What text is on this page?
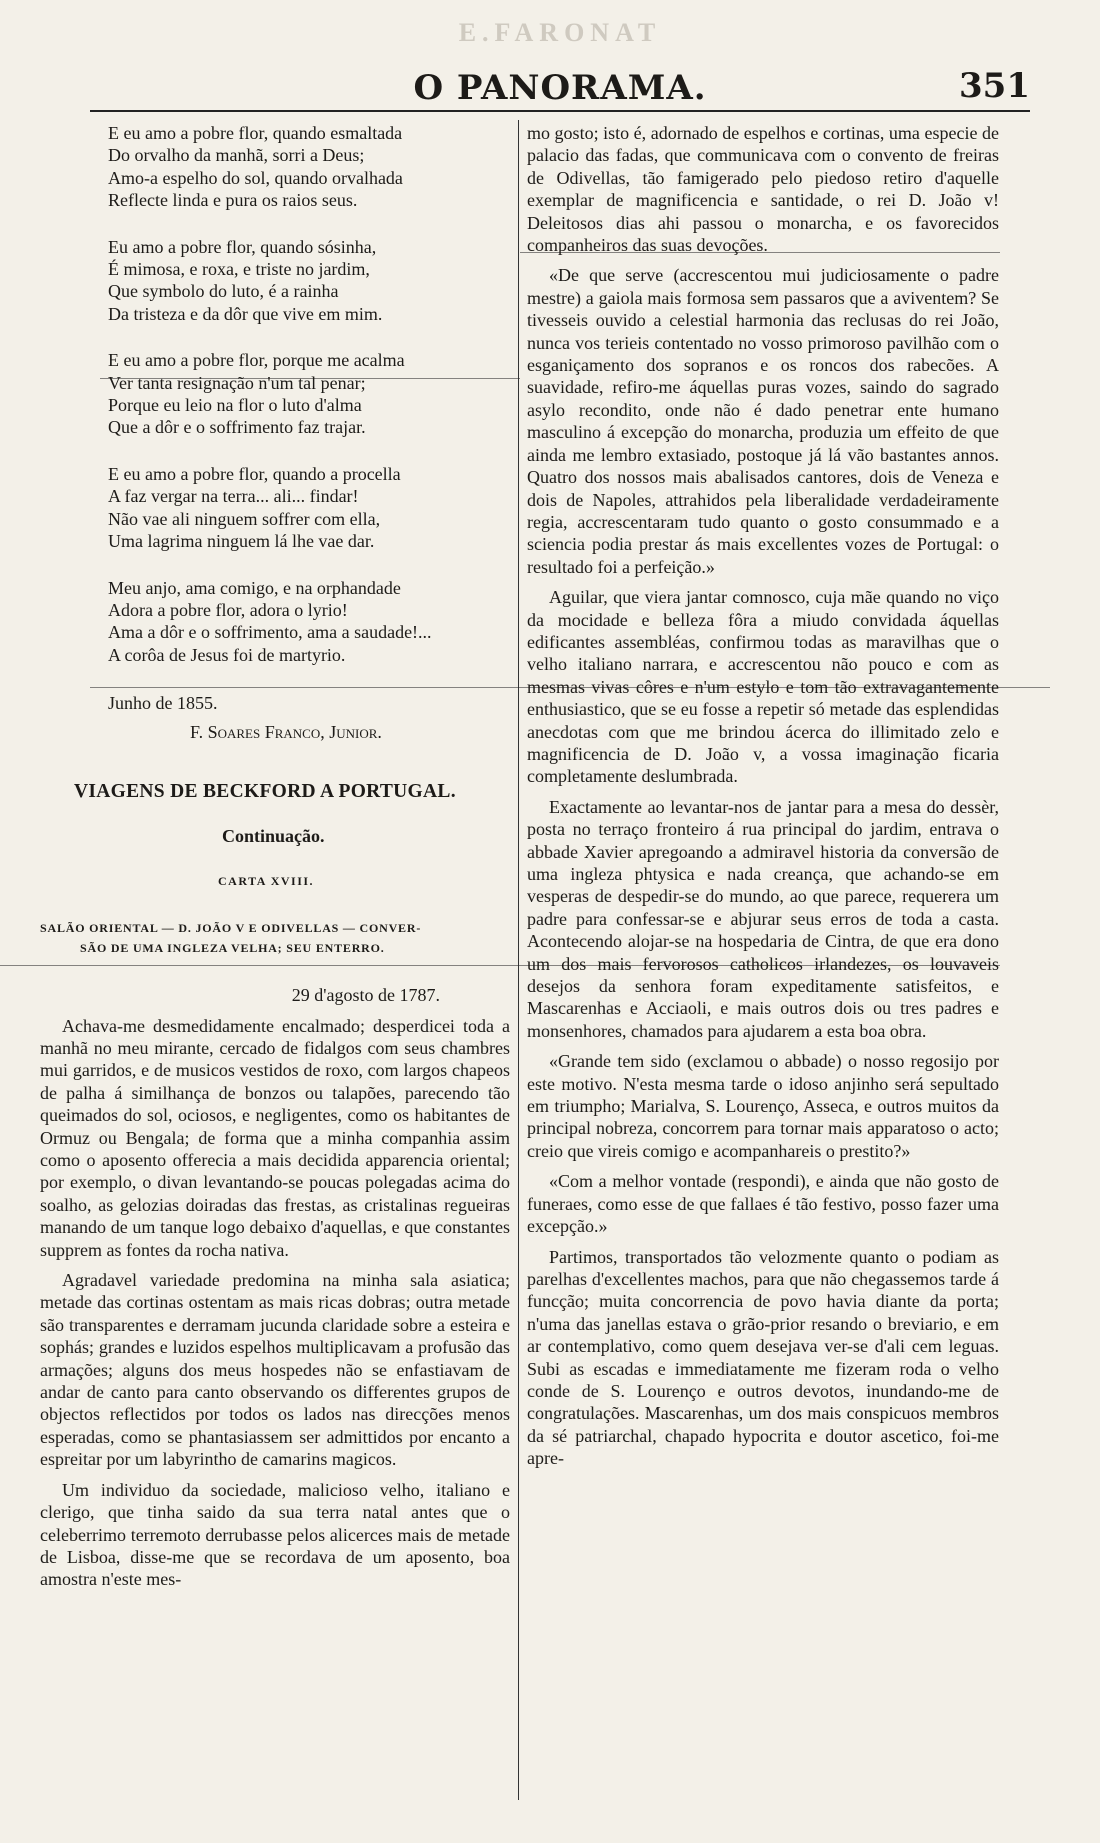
E.FARONAT
O PANORAMA.	351
E eu amo a pobre flor, quando esmaltada
Do orvalho da manhã, sorri a Deus;
Amo-a espelho do sol, quando orvalhada
Reflecte linda e pura os raios seus.
Eu amo a pobre flor, quando sósinha,
É mimosa, e roxa, e triste no jardim,
Que symbolo do luto, é a rainha
Da tristeza e da dôr que vive em mim.
E eu amo a pobre flor, porque me acalma
Ver tanta resignação n'um tal penar;
Porque eu leio na flor o luto d'alma
Que a dôr e o soffrimento faz trajar.
E eu amo a pobre flor, quando a procella
A faz vergar na terra... ali... findar!
Não vae ali ninguem soffrer com ella,
Uma lagrima ninguem lá lhe vae dar.
Meu anjo, ama comigo, e na orphandade
Adora a pobre flor, adora o lyrio!
Ama a dôr e o soffrimento, ama a saudade!...
A corôa de Jesus foi de martyrio.
Junho de 1855.
F. Soares Franco, Junior.
VIAGENS DE BECKFORD A PORTUGAL.
Continuação.
CARTA XVIII.
SALÃO ORIENTAL — D. JOÃO V E ODIVELLAS — CONVER-
SÃO DE UMA INGLEZA VELHA; SEU ENTERRO.
29 d'agosto de 1787.

Achava-me desmedidamente encalmado; desperdicei toda a manhã no meu mirante, cercado de fidalgos com seus chambres mui garridos, e de musicos vestidos de roxo, com largos chapeos de palha á similhança de bonzos ou talapões, parecendo tão queimados do sol, ociosos, e negligentes, como os habitantes de Ormuz ou Bengala; de forma que a minha companhia assim como o aposento offerecia a mais decidida apparencia oriental; por exemplo, o divan levantando-se poucas polegadas acima do soalho, as gelozias doiradas das frestas, as cristalinas regueiras manando de um tanque logo debaixo d'aquellas, e que constantes supprem as fontes da rocha nativa.

Agradavel variedade predomina na minha sala asiatica; metade das cortinas ostentam as mais ricas dobras; outra metade são transparentes e derramam jucunda claridade sobre a esteira e sophás; grandes e luzidos espelhos multiplicavam a profusão das armações; alguns dos meus hospedes não se enfastiavam de andar de canto para canto observando os differentes grupos de objectos reflectidos por todos os lados nas direcções menos esperadas, como se phantasiassem ser admittidos por encanto a espreitar por um labyrintho de camarins magicos.

Um individuo da sociedade, malicioso velho, italiano e clerigo, que tinha saido da sua terra natal antes que o celeberrimo terremoto derrubasse pelos alicerces mais de metade de Lisboa, disse-me que se recordava de um aposento, boa amostra n'este mes-

mo gosto; isto é, adornado de espelhos e cortinas, uma especie de palacio das fadas, que communicava com o convento de freiras de Odivellas, tão famigerado pelo piedoso retiro d'aquelle exemplar de magnificencia e santidade, o rei D. João v! Deleitosos dias ahi passou o monarcha, e os favorecidos companheiros das suas devoções.

«De que serve (accrescentou mui judiciosamente o padre mestre) a gaiola mais formosa sem passaros que a aviventem? Se tivesseis ouvido a celestial harmonia das reclusas do rei João, nunca vos terieis contentado no vosso primoroso pavilhão com o esganiçamento dos sopranos e os roncos dos rabecões. A suavidade, refiro-me áquellas puras vozes, saindo do sagrado asylo recondito, onde não é dado penetrar ente humano masculino á excepção do monarcha, produzia um effeito de que ainda me lembro extasiado, postoque já lá vão bastantes annos. Quatro dos nossos mais abalisados cantores, dois de Veneza e dois de Napoles, attrahidos pela liberalidade verdadeiramente regia, accrescentaram tudo quanto o gosto consummado e a sciencia podia prestar ás mais excellentes vozes de Portugal: o resultado foi a perfeição.»

Aguilar, que viera jantar comnosco, cuja mãe quando no viço da mocidade e belleza fôra a miudo convidada áquellas edificantes assembléas, confirmou todas as maravilhas que o velho italiano narrara, e accrescentou não pouco e com as mesmas vivas côres e n'um estylo e tom tão extravagantemente enthusiastico, que se eu fosse a repetir só metade das esplendidas anecdotas com que me brindou ácerca do illimitado zelo e magnificencia de D. João v, a vossa imaginação ficaria completamente deslumbrada.

Exactamente ao levantar-nos de jantar para a mesa do dessèr, posta no terraço fronteiro á rua principal do jardim, entrava o abbade Xavier apregoando a admiravel historia da conversão de uma ingleza phtysica e nada creança, que achando-se em vesperas de despedir-se do mundo, ao que parece, requerera um padre para confessar-se e abjurar seus erros de toda a casta. Acontecendo alojar-se na hospedaria de Cintra, de que era dono um dos mais fervorosos catholicos irlandezes, os louvaveis desejos da senhora foram expeditamente satisfeitos, e Mascarenhas e Acciaoli, e mais outros dois ou tres padres e monsenhores, chamados para ajudarem a esta boa obra.

«Grande tem sido (exclamou o abbade) o nosso regosijo por este motivo. N'esta mesma tarde o idoso anjinho será sepultado em triumpho; Marialva, S. Lourenço, Asseca, e outros muitos da principal nobreza, concorrem para tornar mais apparatoso o acto; creio que vireis comigo e acompanhareis o prestito?»

«Com a melhor vontade (respondi), e ainda que não gosto de funeraes, como esse de que fallaes é tão festivo, posso fazer uma excepção.»

Partimos, transportados tão velozmente quanto o podiam as parelhas d'excellentes machos, para que não chegassemos tarde á funcção; muita concorrencia de povo havia diante da porta; n'uma das janellas estava o grão-prior resando o breviario, e em ar contemplativo, como quem desejava ver-se d'ali cem leguas. Subi as escadas e immediatamente me fizeram roda o velho conde de S. Lourenço e outros devotos, inundando-me de congratulações. Mascarenhas, um dos mais conspicuos membros da sé patriarchal, chapado hypocrita e doutor ascetico, foi-me apre-
